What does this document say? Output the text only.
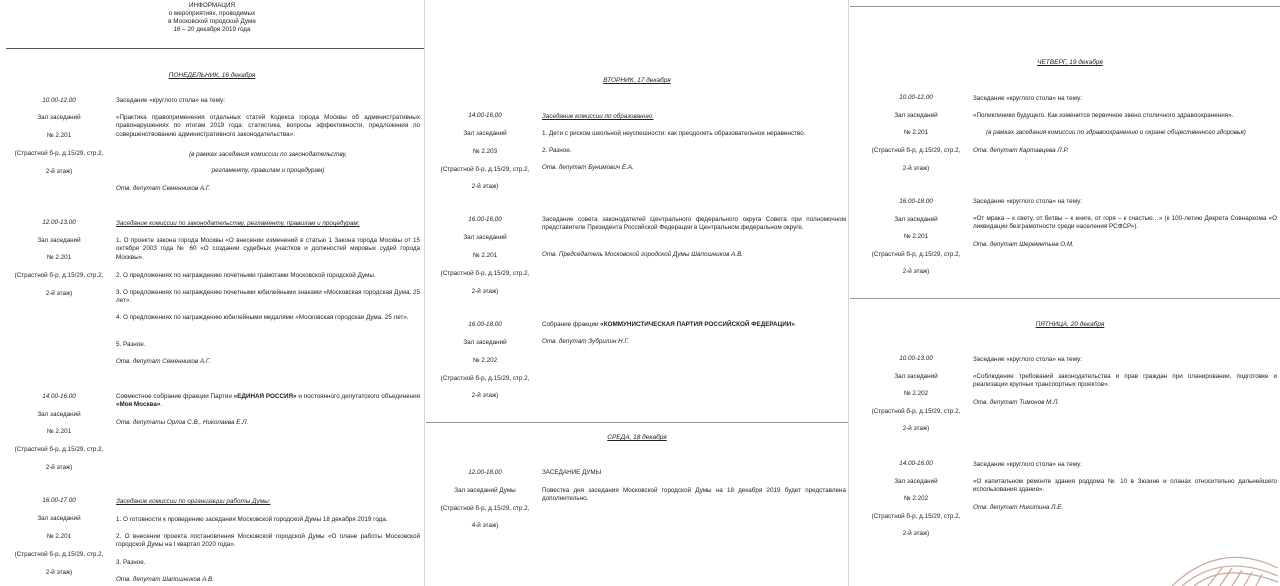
ИНФОРМАЦИЯ
о мероприятиях, проводимых
в Московской городской Думе
16 – 20 декабря 2019 года
ПОНЕДЕЛЬНИК, 16 декабря
10.00-12.00
Зал заседаний
№ 2.201
(Страстной б-р, д.15/29, стр.2,
2-й этаж)
Заседание «круглого стола» на тему:
«Практика правоприменения отдельных статей Кодекса города Москвы об административных правонарушениях по итогам 2019 года: статистика, вопросы эффективности, предложения по совершенствованию административного законодательства».
(в рамках заседания комиссии по законодательству,
регламенту, правилам и процедурам)
Отв. депутат Семенников А.Г.
12.00-13.00
Зал заседаний
№ 2.201
(Страстной б-р, д.15/29, стр.2,
2-й этаж)
Заседание комиссии по законодательству, регламенту, правилам и процедурам:
1. О проекте закона города Москвы «О внесении изменений в статью 1 Закона города Москвы от 15 октября 2003 года № 60 «О создании судебных участков и должностей мировых судей города Москвы».
2. О предложениях по награждению почетными грамотами Московской городской Думы.
3. О предложениях по награждению почетными юбилейными знаками «Московская городская Дума. 25 лет».
4. О предложениях по награждению юбилейными медалями «Московская городская Дума. 25 лет».
5. Разное.
Отв. депутат Семенников А.Г.
14.00-16.00
Зал заседаний
№ 2.201
(Страстной б-р, д.15/29, стр.2,
2-й этаж)
Совместное собрание фракции Партии «ЕДИНАЯ РОССИЯ» и постоянного депутатского объединения «Моя Москва».
Отв. депутаты Орлов С.В., Николаева Е.Л.
16.00-17.00
Зал заседаний
№ 2.201
(Страстной б-р, д.15/29, стр.2,
2-й этаж)
Заседание комиссии по организации работы Думы:
1. О готовности к проведению заседания Московской городской Думы 18 декабря 2019 года.
2. О внесении проекта постановления Московской городской Думы «О плане работы Московской городской Думы на I квартал 2020 года».
3. Разное.
Отв. депутат Шапошников А.В.
ВТОРНИК, 17 декабря
14.00-16.00
Зал заседаний
№ 2.203
(Страстной б-р, д.15/29, стр.2,
2-й этаж)
Заседание комиссии по образованию:
1. Дети с риском школьной неуспешности: как преодолеть образовательное неравенство.
2. Разное.
Отв. депутат Бунимович Е.А.
16.00-16.00
Зал заседаний
№ 2.201
(Страстной б-р, д.15/29, стр.2,
2-й этаж)
Заседание совета законодателей Центрального федерального округа Совета при полномочном представителе Президента Российской Федерации в Центральном федеральном округе.
Отв. Председатель Московской городской Думы Шапошников А.В.
16.00-18.00
Зал заседаний
№ 2.202
(Страстной б-р, д.15/29, стр.2,
2-й этаж)
Собрание фракции «КОММУНИСТИЧЕСКАЯ ПАРТИЯ РОССИЙСКОЙ ФЕДЕРАЦИИ».
Отв. депутат Зубрилин Н.Г.
СРЕДА, 18 декабря
12.00-18.00
Зал заседаний Думы
(Страстной б-р, д.15/29, стр.2,
4-й этаж)
ЗАСЕДАНИЕ ДУМЫ
Повестка дня заседания Московской городской Думы на 18 декабря 2019 будет представлена дополнительно.
ЧЕТВЕРГ, 19 декабря
10.00-12.00
Зал заседаний
№ 2.201
(Страстной б-р, д.15/29, стр.2,
2-й этаж)
Заседание «круглого стола» на тему:
«Поликлиники будущего. Как изменится первичное звено столичного здравоохранения».
(в рамках заседания комиссии по здравоохранению и охране общественного здоровья)
Отв. депутат Картавцева Л.Р.
16.00-18.00
Зал заседаний
№ 2.201
(Страстной б-р, д.15/29, стр.2,
2-й этаж)
Заседание «круглого стола» на тему:
«От мрака – к свету, от битвы – к книге, от горя – к счастью…» (к 100-летию Декрета Совнаркома «О ликвидации безграмотности среди населения РСФСР»).
Отв. депутат Шереметьев О.М.
ПЯТНИЦА, 20 декабря
10.00-13.00
Зал заседаний
№ 2.202
(Страстной б-р, д.15/29, стр.2,
2-й этаж)
Заседание «круглого стола» на тему:
«Соблюдение требований законодательства и прав граждан при планировании, подготовке и реализации крупных транспортных проектов».
Отв. депутат Тимонов М.Л.
14.00-16.00
Зал заседаний
№ 2.202
(Страстной б-р, д.15/29, стр.2,
2-й этаж)
Заседание «круглого стола» на тему:
«О капитальном ремонте здания роддома № 10 в Зюзине и планах относительно дальнейшего использования здания».
Отв. депутат Никитина Л.Е.
